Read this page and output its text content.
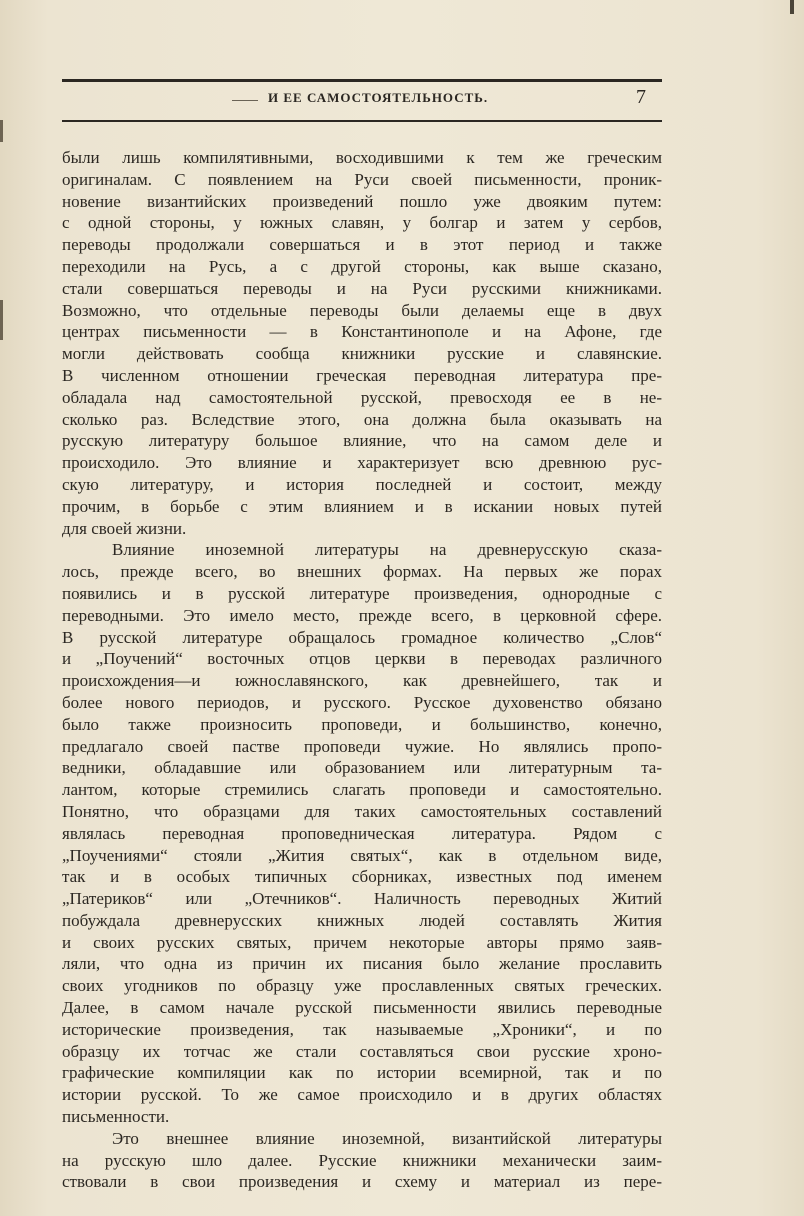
И ЕЕ САМОСТОЯТЕЛЬНОСТЬ.	7
были лишь компилятивными, восходившими к тем же греческим
оригиналам. С появлением на Руси своей письменности, проник-
новение византийских произведений пошло уже двояким путем:
с одной стороны, у южных славян, у болгар и затем у сербов,
переводы продолжали совершаться и в этот период и также
переходили на Русь, а с другой стороны, как выше сказано,
стали совершаться переводы и на Руси русскими книжниками.
Возможно, что отдельные переводы были делаемы еще в двух
центрах письменности — в Константинополе и на Афоне, где
могли действовать сообща книжники русские и славянские.
В численном отношении греческая переводная литература пре-
обладала над самостоятельной русской, превосходя ее в не-
сколько раз. Вследствие этого, она должна была оказывать на
русскую литературу большое влияние, что на самом деле и
происходило. Это влияние и характеризует всю древнюю рус-
скую литературу, и история последней и состоит, между
прочим, в борьбе с этим влиянием и в искании новых путей
для своей жизни.
Влияние иноземной литературы на древнерусскую сказа-
лось, прежде всего, во внешних формах. На первых же порах
появились и в русской литературе произведения, однородные с
переводными. Это имело место, прежде всего, в церковной сфере.
В русской литературе обращалось громадное количество „Слов“
и „Поучений“ восточных отцов церкви в переводах различного
происхождения—и южнославянского, как древнейшего, так и
более нового периодов, и русского. Русское духовенство обязано
было также произносить проповеди, и большинство, конечно,
предлагало своей пастве проповеди чужие. Но являлись пропо-
ведники, обладавшие или образованием или литературным та-
лантом, которые стремились слагать проповеди и самостоятельно.
Понятно, что образцами для таких самостоятельных составлений
являлась переводная проповедническая литература. Рядом с
„Поучениями“ стояли „Жития святых“, как в отдельном виде,
так и в особых типичных сборниках, известных под именем
„Патериков“ или „Отечников“. Наличность переводных Житий
побуждала древнерусских книжных людей составлять Жития
и своих русских святых, причем некоторые авторы прямо заяв-
ляли, что одна из причин их писания было желание прославить
своих угодников по образцу уже прославленных святых греческих.
Далее, в самом начале русской письменности явились переводные
исторические произведения, так называемые „Хроники“, и по
образцу их тотчас же стали составляться свои русские хроно-
графические компиляции как по истории всемирной, так и по
истории русской. То же самое происходило и в других областях
письменности.
Это внешнее влияние иноземной, византийской литературы
на русскую шло далее. Русские книжники механически заим-
ствовали в свои произведения и схему и материал из пере-
